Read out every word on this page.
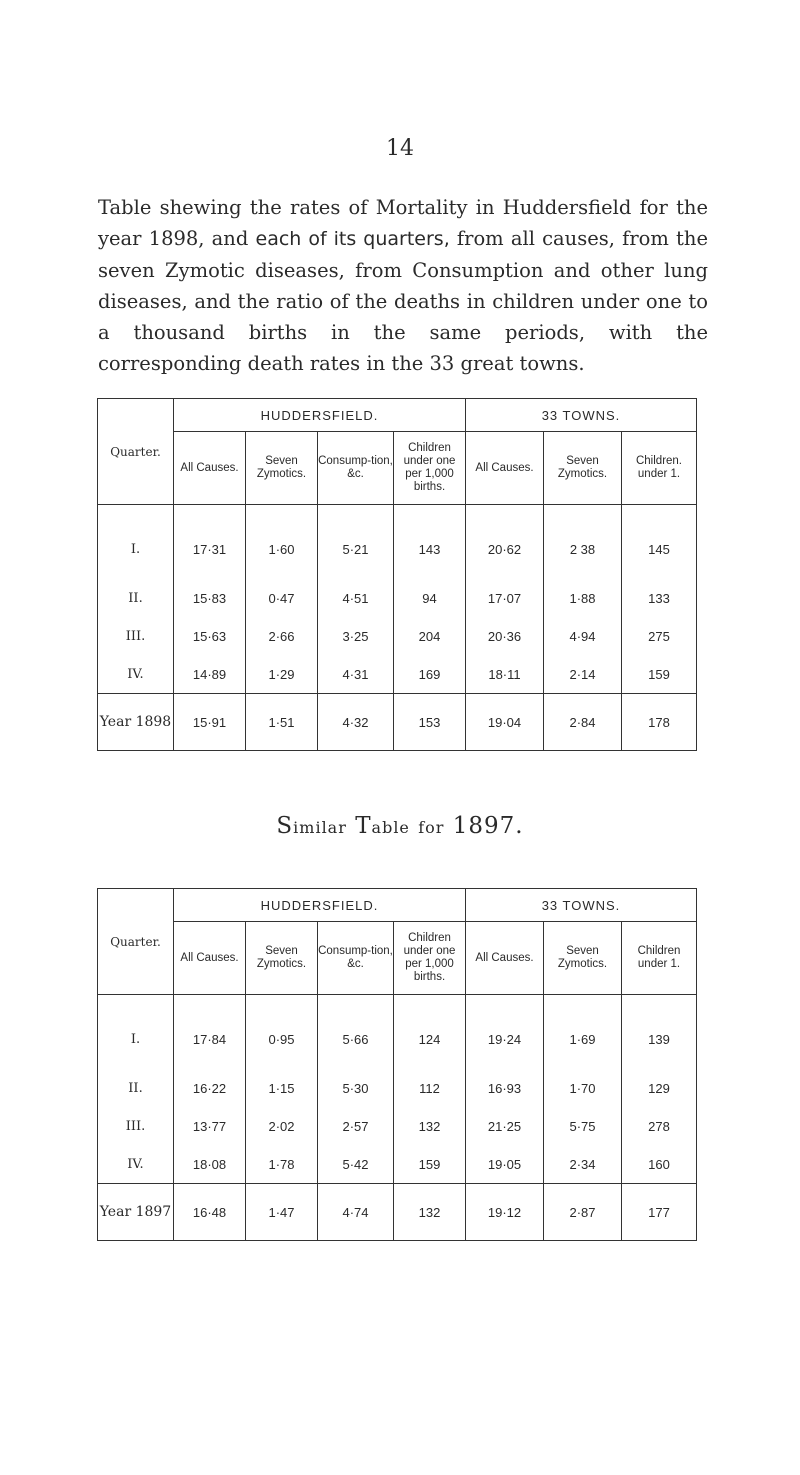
14
Table shewing the rates of Mortality in Huddersfield for the year 1898, and each of its quarters, from all causes, from the seven Zymotic diseases, from Consumption and other lung diseases, and the ratio of the deaths in children under one to a thousand births in the same periods, with the corresponding death rates in the 33 great towns.
Quarter.	HUDDERSFIELD.				33 TOWNS.		
	All Causes.	Seven Zymotics.	Consump-tion, &c.	Children under one per 1,000 births.	All Causes.	Seven Zymotics.	Children. under 1.
I.	17·31	1·60	5·21	143	20·62	2 38	145
II.	15·83	0·47	4·51	94	17·07	1·88	133
III.	15·63	2·66	3·25	204	20·36	4·94	275
IV.	14·89	1·29	4·31	169	18·11	2·14	159
Year 1898	15·91	1·51	4·32	153	19·04	2·84	178
Similar Table for 1897.
Quarter.	HUDDERSFIELD.				33 TOWNS.		
	All Causes.	Seven Zymotics.	Consump-tion, &c.	Children under one per 1,000 births.	All Causes.	Seven Zymotics.	Children under 1.
I.	17·84	0·95	5·66	124	19·24	1·69	139
II.	16·22	1·15	5·30	112	16·93	1·70	129
III.	13·77	2·02	2·57	132	21·25	5·75	278
IV.	18·08	1·78	5·42	159	19·05	2·34	160
Year 1897	16·48	1·47	4·74	132	19·12	2·87	177
